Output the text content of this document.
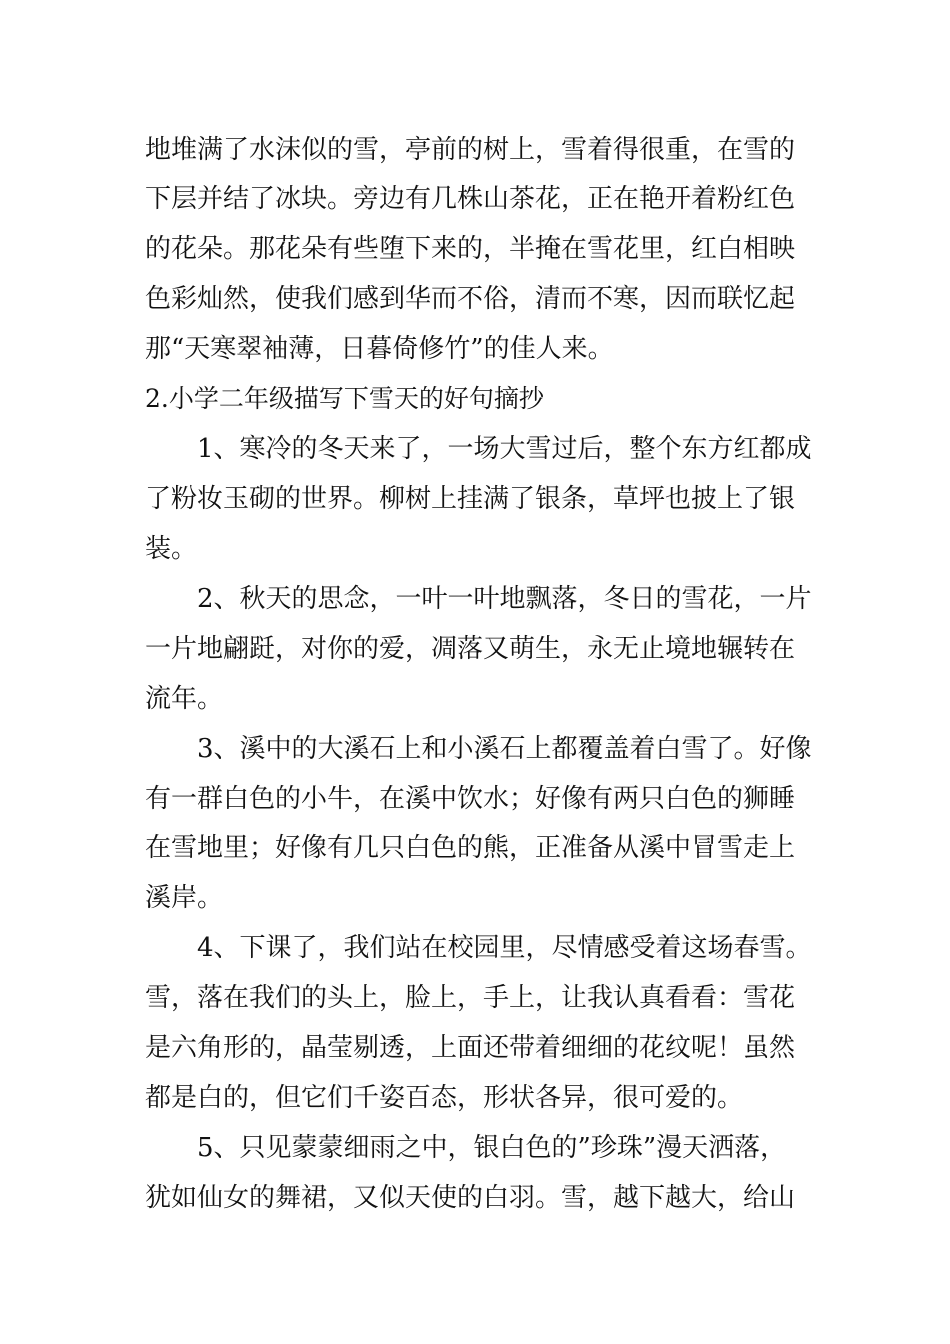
地堆满了水沫似的雪，亭前的树上，雪着得很重，在雪的
下层并结了冰块。旁边有几株山茶花，正在艳开着粉红色
的花朵。那花朵有些堕下来的，半掩在雪花里，红白相映
色彩灿然，使我们感到华而不俗，清而不寒，因而联忆起
那“天寒翠袖薄，日暮倚修竹”的佳人来。
2.小学二年级描写下雪天的好句摘抄
1、寒冷的冬天来了，一场大雪过后，整个东方红都成
了粉妆玉砌的世界。柳树上挂满了银条，草坪也披上了银
装。
2、秋天的思念，一叶一叶地飘落，冬日的雪花，一片
一片地翩跹，对你的爱，凋落又萌生，永无止境地辗转在
流年。
3、溪中的大溪石上和小溪石上都覆盖着白雪了。好像
有一群白色的小牛，在溪中饮水；好像有两只白色的狮睡
在雪地里；好像有几只白色的熊，正准备从溪中冒雪走上
溪岸。
4、下课了，我们站在校园里，尽情感受着这场春雪。
雪，落在我们的头上，脸上，手上，让我认真看看：雪花
是六角形的，晶莹剔透，上面还带着细细的花纹呢！虽然
都是白的，但它们千姿百态，形状各异，很可爱的。
5、只见蒙蒙细雨之中，银白色的”珍珠”漫天洒落，
犹如仙女的舞裙，又似天使的白羽。雪，越下越大，给山
